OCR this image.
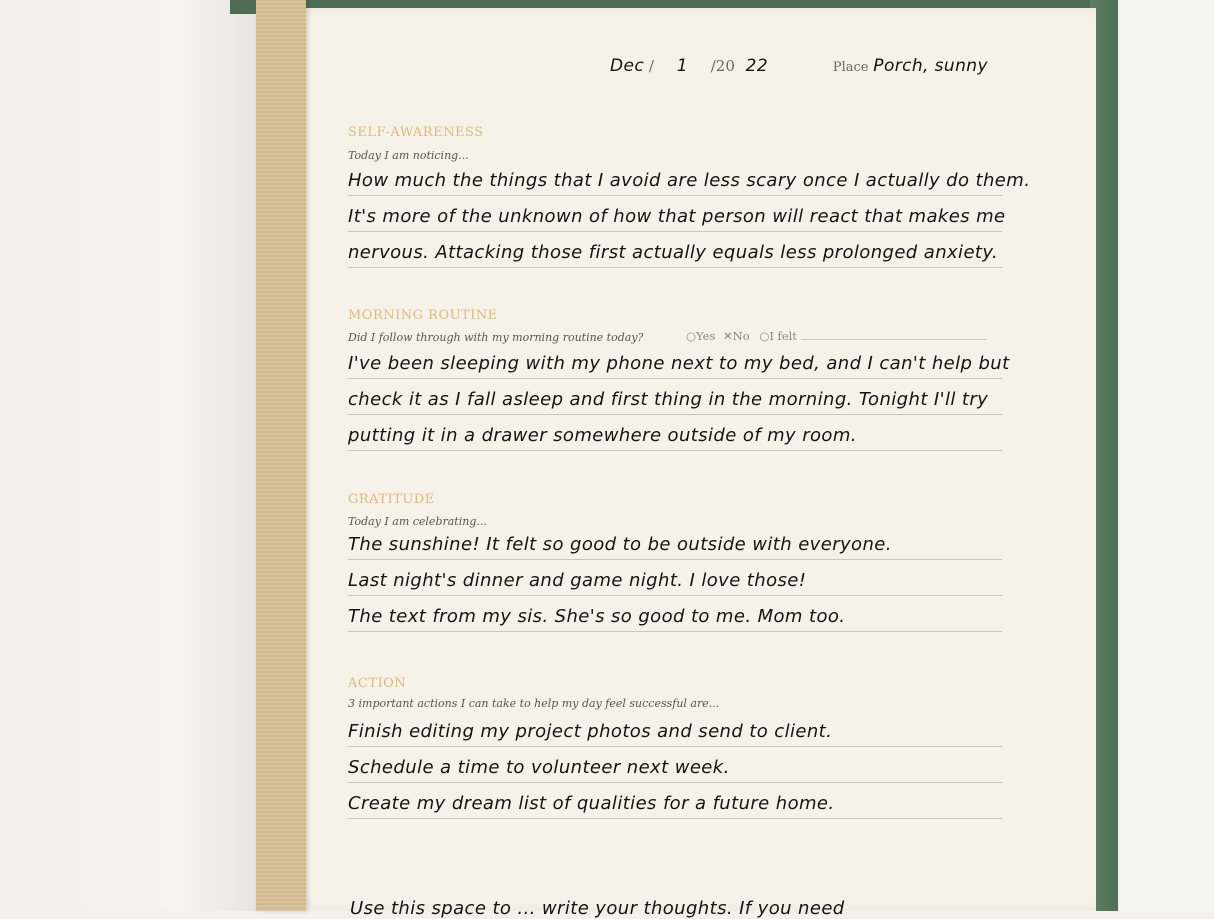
Dec / 1 /20 22	Place Porch, sunny
SELF-AWARENESS
Today I am noticing...
How much the things that I avoid are less scary once I actually do them.
It's more of the unknown of how that person will react that makes me
nervous. Attacking those first actually equals less prolonged anxiety.
MORNING ROUTINE
Did I follow through with my morning routine today?	○Yes ✕No ○I felt
I've been sleeping with my phone next to my bed, and I can't help but
check it as I fall asleep and first thing in the morning. Tonight I'll try
putting it in a drawer somewhere outside of my room.
GRATITUDE
Today I am celebrating...
The sunshine! It felt so good to be outside with everyone.
Last night's dinner and game night. I love those!
The text from my sis. She's so good to me. Mom too.
ACTION
3 important actions I can take to help my day feel successful are...
Finish editing my project photos and send to client.
Schedule a time to volunteer next week.
Create my dream list of qualities for a future home.
Use this space to ... write your thoughts. If you need
